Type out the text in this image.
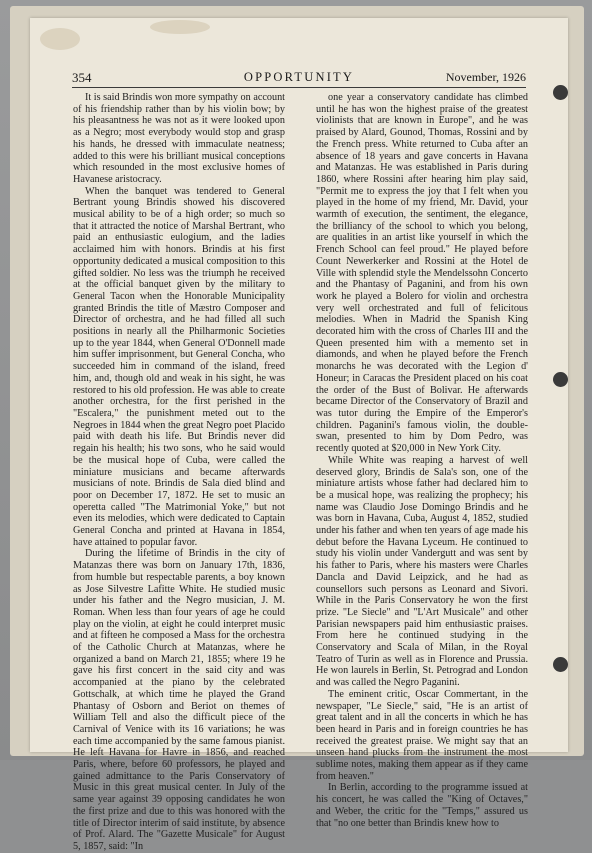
354	OPPORTUNITY	November, 1926

It is said Brindis won more sympathy on account of his friendship rather than by his violin bow; by his pleasantness he was not as it were looked upon as a Negro; most everybody would stop and grasp his hands, he dressed with immaculate neatness; added to this were his brilliant musical conceptions which resounded in the most exclusive homes of Havanese aristocracy.

When the banquet was tendered to General Bertrant young Brindis showed his discovered musical ability to be of a high order; so much so that it attracted the notice of Marshal Bertrant, who paid an enthusiastic eulogium, and the ladies acclaimed him with honors. Brindis at his first opportunity dedicated a musical composition to this gifted soldier. No less was the triumph he received at the official banquet given by the military to General Tacon when the Honorable Municipality granted Brindis the title of Mæstro Composer and Director of orchestra, and he had filled all such positions in nearly all the Philharmonic Societies up to the year 1844, when General O'Donnell made him suffer imprisonment, but General Concha, who succeeded him in command of the island, freed him, and, though old and weak in his sight, he was restored to his old profession. He was able to create another orchestra, for the first perished in the "Escalera," the punishment meted out to the Negroes in 1844 when the great Negro poet Placido paid with death his life. But Brindis never did regain his health; his two sons, who he said would be the musical hope of Cuba, were called the miniature musicians and became afterwards musicians of note. Brindis de Sala died blind and poor on December 17, 1872. He set to music an operetta called "The Matrimonial Yoke," but not even its melodies, which were dedicated to Captain General Concha and printed at Havana in 1854, have attained to popular favor.

During the lifetime of Brindis in the city of Matanzas there was born on January 17th, 1836, from humble but respectable parents, a boy known as Jose Silvestre Lafitte White. He studied music under his father and the Negro musician, J. M. Roman. When less than four years of age he could play on the violin, at eight he could interpret music and at fifteen he composed a Mass for the orchestra of the Catholic Church at Matanzas, where he organized a band on March 21, 1855; where 19 he gave his first concert in the said city and was accompanied at the piano by the celebrated Gottschalk, at which time he played the Grand Phantasy of Osborn and Beriot on themes of William Tell and also the difficult piece of the Carnival of Venice with its 16 variations; he was each time accompanied by the same famous pianist. He left Havana for Havre in 1856, and reached Paris, where, before 60 professors, he played and gained admittance to the Paris Conservatory of Music in this great musical center. In July of the same year against 39 opposing candidates he won the first prize and due to this was honored with the title of Director interim of said institute, by absence of Prof. Alard. The "Gazette Musicale" for August 5, 1857, said: "In

one year a conservatory candidate has climbed until he has won the highest praise of the greatest violinists that are known in Europe", and he was praised by Alard, Gounod, Thomas, Rossini and by the French press. White returned to Cuba after an absence of 18 years and gave concerts in Havana and Matanzas. He was established in Paris during 1860, where Rossini after hearing him play said, "Permit me to express the joy that I felt when you played in the home of my friend, Mr. David, your warmth of execution, the sentiment, the elegance, the brilliancy of the school to which you belong, are qualities in an artist like yourself in which the French School can feel proud." He played before Count Newerkerker and Rossini at the Hotel de Ville with splendid style the Mendelssohn Concerto and the Phantasy of Paganini, and from his own work he played a Bolero for violin and orchestra very well orchestrated and full of felicitous melodies. When in Madrid the Spanish King decorated him with the cross of Charles III and the Queen presented him with a memento set in diamonds, and when he played before the French monarchs he was decorated with the Legion d' Honeur; in Caracas the President placed on his coat the order of the Bust of Bolivar. He afterwards became Director of the Conservatory of Brazil and was tutor during the Empire of the Emperor's children. Paganini's famous violin, the double-swan, presented to him by Dom Pedro, was recently quoted at $20,000 in New York City.

While White was reaping a harvest of well deserved glory, Brindis de Sala's son, one of the miniature artists whose father had declared him to be a musical hope, was realizing the prophecy; his name was Claudio Jose Domingo Brindis and he was born in Havana, Cuba, August 4, 1852, studied under his father and when ten years of age made his debut before the Havana Lyceum. He continued to study his violin under Vandergutt and was sent by his father to Paris, where his masters were Charles Dancla and David Leipzick, and he had as counsellors such persons as Leonard and Sivori. While in the Paris Conservatory he won the first prize. "Le Siecle" and "L'Art Musicale" and other Parisian newspapers paid him enthusiastic praises. From here he continued studying in the Conservatory and Scala of Milan, in the Royal Teatro of Turin as well as in Florence and Prussia. He won laurels in Berlin, St. Petrograd and London and was called the Negro Paganini.

The eminent critic, Oscar Commertant, in the newspaper, "Le Siecle," said, "He is an artist of great talent and in all the concerts in which he has been heard in Paris and in foreign countries he has received the greatest praise. We might say that an unseen hand plucks from the instrument the most sublime notes, making them appear as if they came from heaven."

In Berlin, according to the programme issued at his concert, he was called the "King of Octaves," and Weber, the critic for the "Temps," assured us that "no one better than Brindis knew how to
